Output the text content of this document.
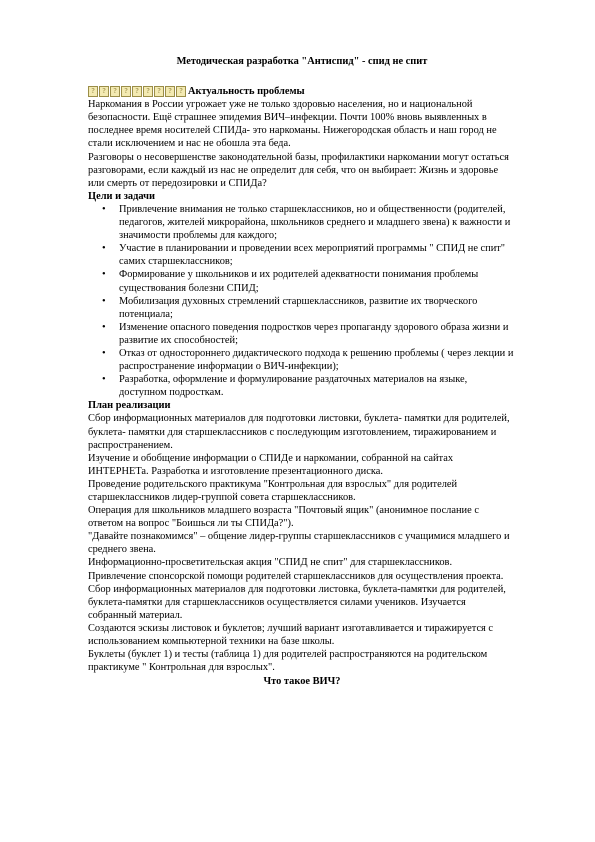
Методическая разработка "Антиспид" - спид не спит
?	?	?	?	?	?	?	?	? Актуальность проблемы

Наркомания в России угрожает уже не только здоровью населения, но и национальной безопасности. Ещё страшнее эпидемия ВИЧ–инфекции. Почти 100% вновь выявленных в последнее время носителей СПИДа- это наркоманы. Нижегородская область и наш город не стали исключением и нас не обошла эта беда.

Разговоры о несовершенстве законодательной базы, профилактики наркомании могут остаться разговорами, если каждый из нас не определит для себя, что он выбирает: Жизнь и здоровье или смерть от передозировки и СПИДа?

Цели и задачи
• Привлечение внимания не только старшеклассников, но и общественности (родителей, педагогов, жителей микрорайона, школьников среднего и младшего звена) к важности и значимости проблемы для каждого;
• Участие в планировании и проведении всех мероприятий программы " СПИД не спит" самих старшеклассников;
• Формирование у школьников и их родителей адекватности понимания проблемы существования болезни СПИД;
• Мобилизация духовных стремлений старшеклассников, развитие их творческого потенциала;
• Изменение опасного поведения подростков через пропаганду здорового образа жизни и развитие их способностей;
• Отказ от одностороннего дидактического подхода к решению проблемы ( через лекции и распространение информации о ВИЧ-инфекции);
• Разработка, оформление и формулирование раздаточных материалов на языке, доступном подросткам.
План реализации

Сбор информационных материалов для подготовки листовки, буклета- памятки для родителей, буклета- памятки для старшеклассников с последующим изготовлением, тиражированием и распространением.

Изучение и обобщение информации о СПИДе и наркомании, собранной на сайтах ИНТЕРНЕТа. Разработка и изготовление презентационного диска.

Проведение родительского практикума "Контрольная для взрослых" для родителей старшеклассников лидер-группой совета старшеклассников.

Операция для школьников младшего возраста "Почтовый ящик" (анонимное послание с ответом на вопрос "Боишься ли ты СПИДа?").

"Давайте познакомимся" – общение лидер-группы старшеклассников с учащимися младшего и среднего звена.

Информационно-просветительская акция "СПИД не спит" для старшеклассников.

Привлечение спонсорской помощи родителей старшеклассников для осуществления проекта.

Сбор информационных материалов для подготовки листовка, буклета-памятки для родителей, буклета-памятки для старшеклассников осуществляется силами учеников. Изучается собранный материал.

Создаются эскизы листовок и буклетов; лучший вариант изготавливается и тиражируется с использованием компьютерной техники на базе школы.

Буклеты (буклет 1) и тесты (таблица 1) для родителей распространяются на родительском практикуме " Контрольная для взрослых".

Что такое ВИЧ?
